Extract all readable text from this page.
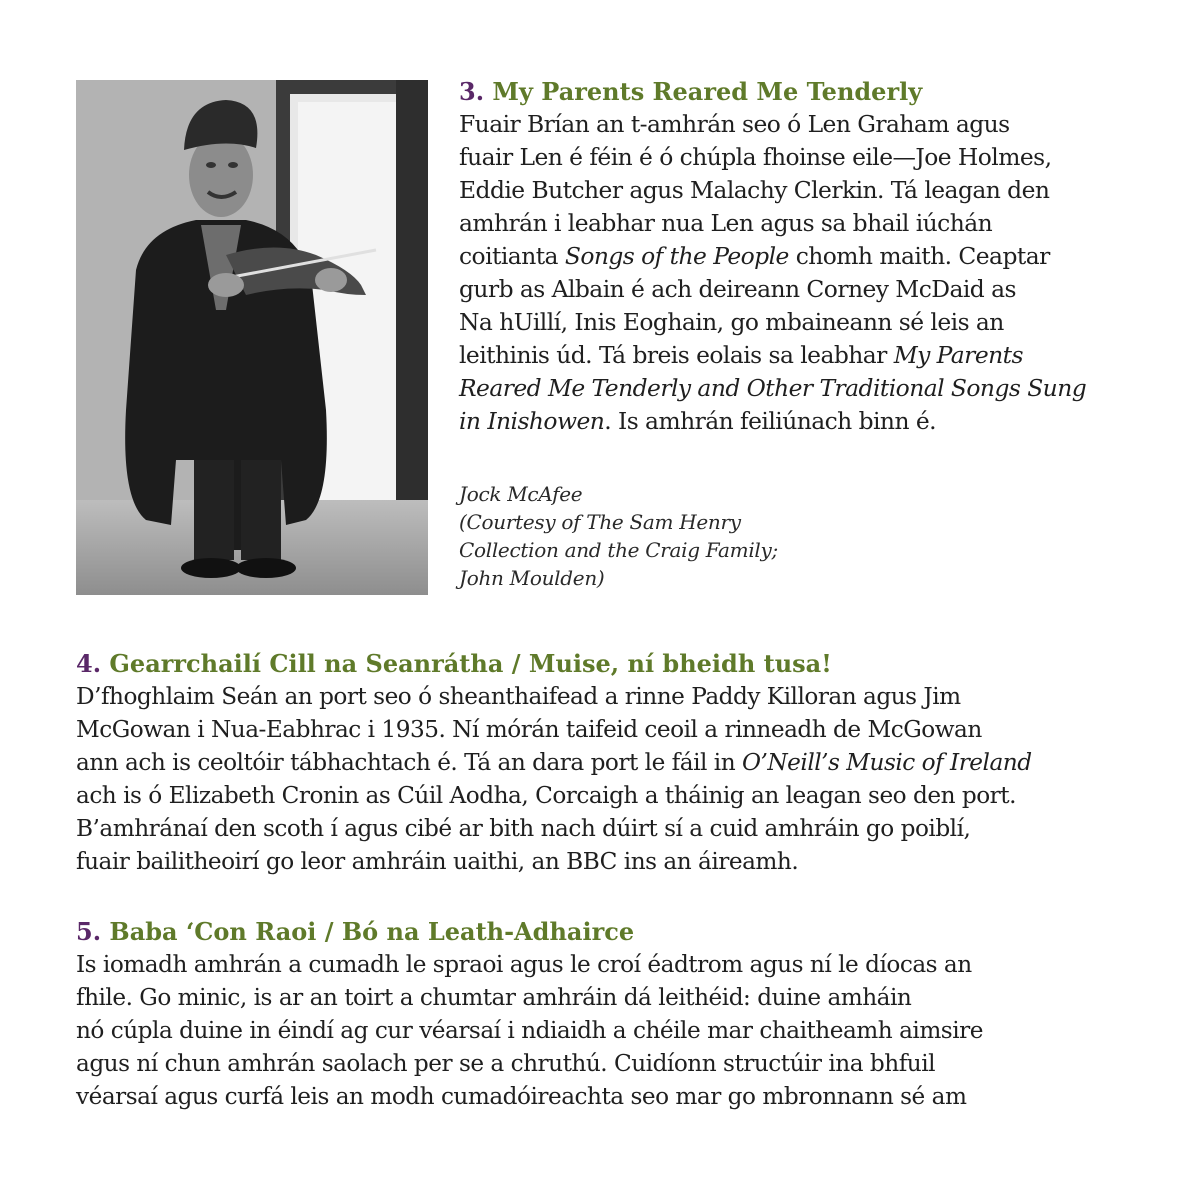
3. My Parents Reared Me Tenderly
Fuair Brían an t-amhrán seo ó Len Graham agus
fuair Len é féin é ó chúpla fhoinse eile—Joe Holmes,
Eddie Butcher agus Malachy Clerkin. Tá leagan den
amhrán i leabhar nua Len agus sa bhail iúchán
coitianta Songs of the People chomh maith. Ceaptar
gurb as Albain é ach deireann Corney McDaid as
Na hUillí, Inis Eoghain, go mbaineann sé leis an
leithinis úd. Tá breis eolais sa leabhar My Parents
Reared Me Tenderly and Other Traditional Songs Sung
in Inishowen. Is amhrán feiliúnach binn é.
Jock McAfee
(Courtesy of The Sam Henry
Collection and the Craig Family;
John Moulden)
4. Gearrchailí Cill na Seanrátha / Muise, ní bheidh tusa!
D’fhoghlaim Seán an port seo ó sheanthaifead a rinne Paddy Killoran agus Jim
McGowan i Nua-Eabhrac i 1935. Ní mórán taifeid ceoil a rinneadh de McGowan
ann ach is ceoltóir tábhachtach é. Tá an dara port le fáil in O’Neill’s Music of Ireland
ach is ó Elizabeth Cronin as Cúil Aodha, Corcaigh a tháinig an leagan seo den port.
B’amhránaí den scoth í agus cibé ar bith nach dúirt sí a cuid amhráin go poiblí,
fuair bailitheoirí go leor amhráin uaithi, an BBC ins an áireamh.
5. Baba ‘Con Raoi / Bó na Leath-Adhairce
Is iomadh amhrán a cumadh le spraoi agus le croí éadtrom agus ní le díocas an
fhile. Go minic, is ar an toirt a chumtar amhráin dá leithéid: duine amháin
nó cúpla duine in éindí ag cur véarsaí i ndiaidh a chéile mar chaitheamh aimsire
agus ní chun amhrán saolach per se a chruthú. Cuidíonn structúir ina bhfuil
véarsaí agus curfá leis an modh cumadóireachta seo mar go mbronnann sé am
